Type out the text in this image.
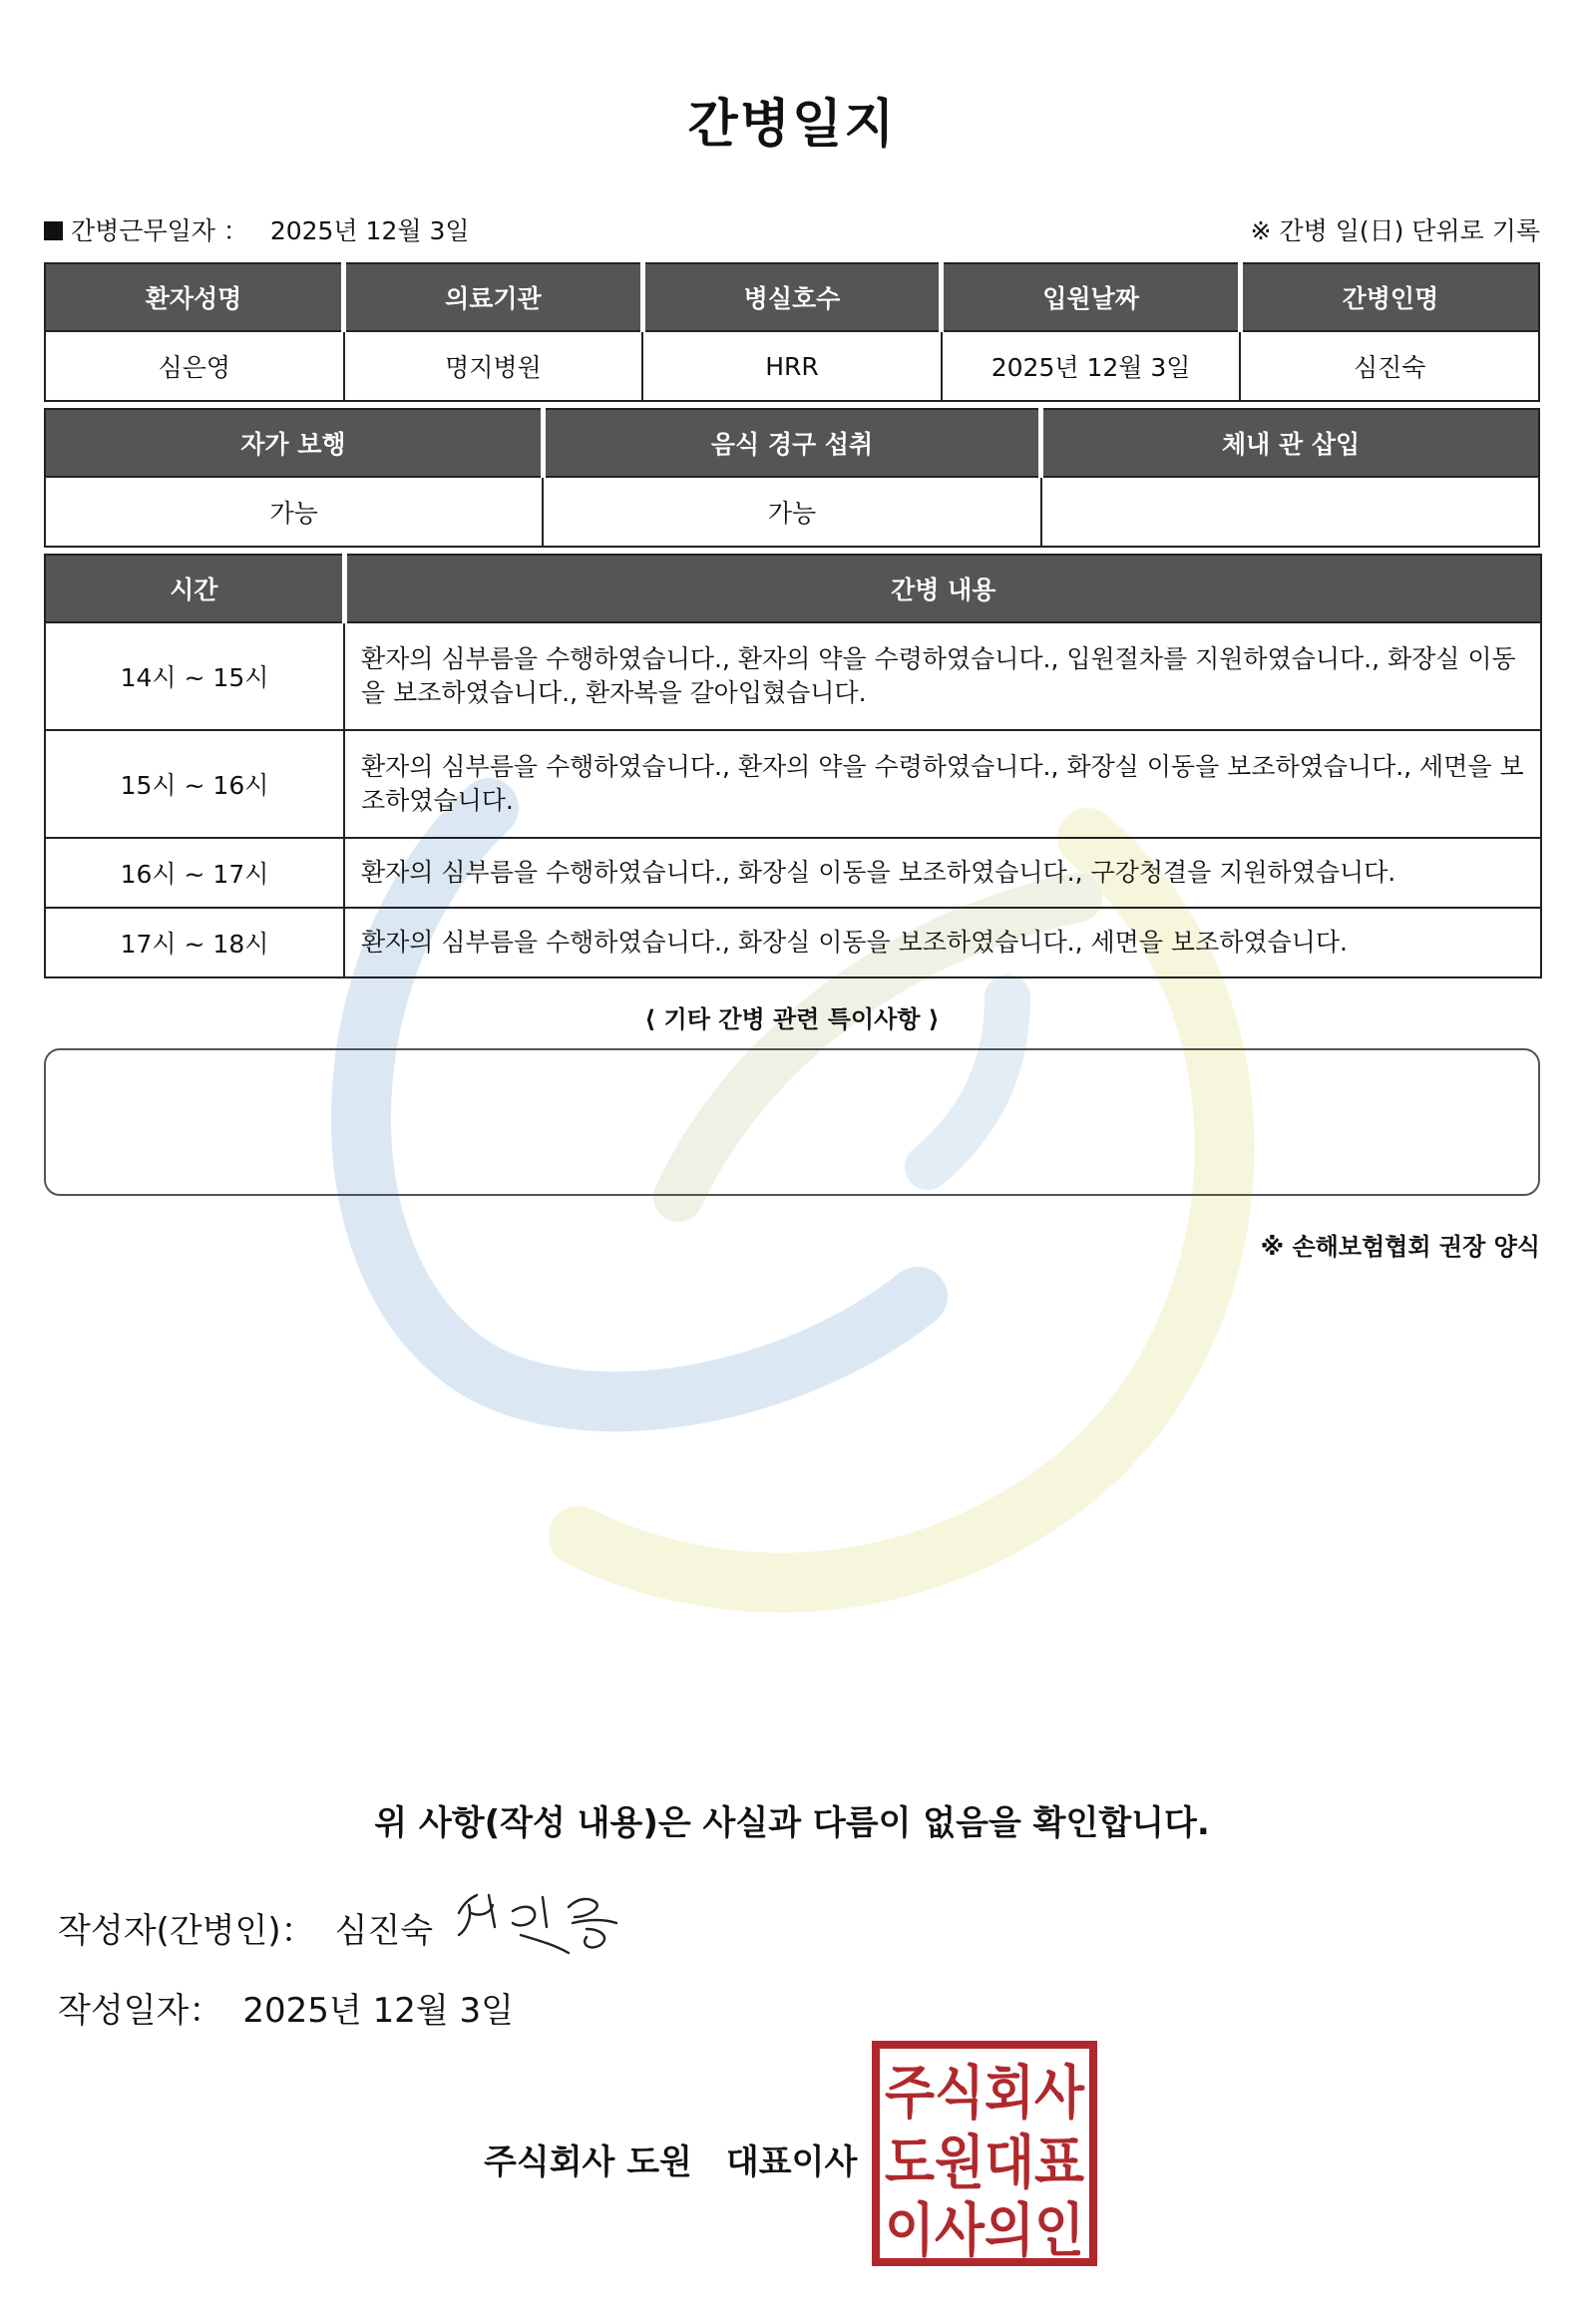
간병일지
간병근무일자 ： 2025년 12월 3일	※ 간병 일(日) 단위로 기록
환자성명	의료기관	병실호수	입원날짜	간병인명
심은영	명지병원	HRR	2025년 12월 3일	심진숙
자가 보행	음식 경구 섭취	체내 관 삽입
가능	가능	
시간	간병 내용
14시 ~ 15시	환자의 심부름을 수행하였습니다., 환자의 약을 수령하였습니다., 입원절차를 지원하였습니다., 화장실 이동을 보조하였습니다., 환자복을 갈아입혔습니다.
15시 ~ 16시	환자의 심부름을 수행하였습니다., 환자의 약을 수령하였습니다., 화장실 이동을 보조하였습니다., 세면을 보조하였습니다.
16시 ~ 17시	환자의 심부름을 수행하였습니다., 화장실 이동을 보조하였습니다., 구강청결을 지원하였습니다.
17시 ~ 18시	환자의 심부름을 수행하였습니다., 화장실 이동을 보조하였습니다., 세면을 보조하였습니다.
⟨ 기타 간병 관련 특이사항 ⟩
※ 손해보험협회 권장 양식
위 사항(작성 내용)은 사실과 다름이 없음을 확인합니다.
작성자(간병인)： 심진숙
작성일자： 2025년 12월 3일
주식회사 도원 대표이사
주식회사
도원대표
이사의인
